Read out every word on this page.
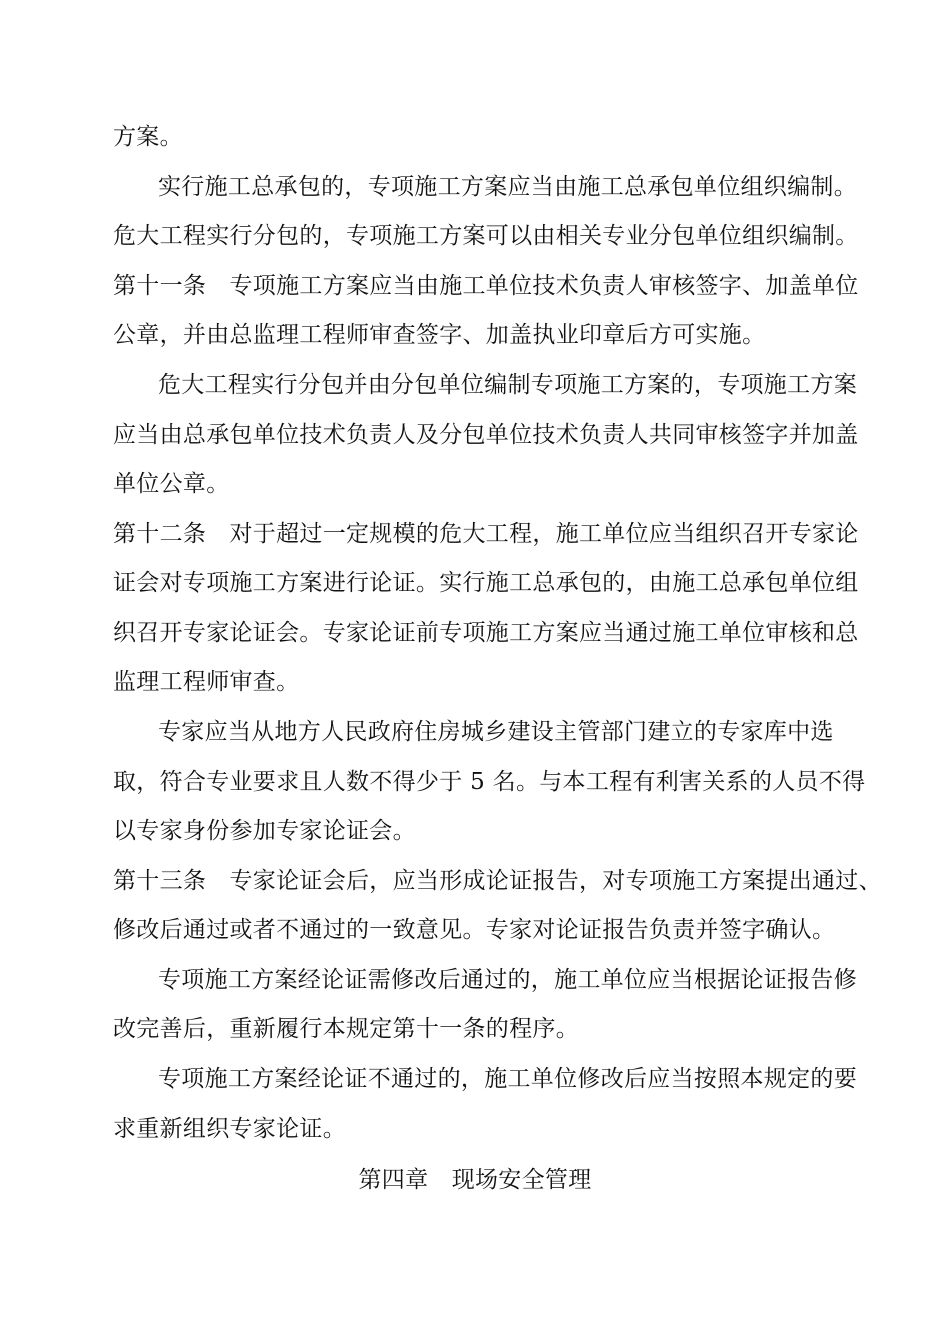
方案。
实行施工总承包的，专项施工方案应当由施工总承包单位组织编制。
危大工程实行分包的，专项施工方案可以由相关专业分包单位组织编制。
第十一条　专项施工方案应当由施工单位技术负责人审核签字、加盖单位
公章，并由总监理工程师审查签字、加盖执业印章后方可实施。
危大工程实行分包并由分包单位编制专项施工方案的，专项施工方案
应当由总承包单位技术负责人及分包单位技术负责人共同审核签字并加盖
单位公章。
第十二条　对于超过一定规模的危大工程，施工单位应当组织召开专家论
证会对专项施工方案进行论证。实行施工总承包的，由施工总承包单位组
织召开专家论证会。专家论证前专项施工方案应当通过施工单位审核和总
监理工程师审查。
专家应当从地方人民政府住房城乡建设主管部门建立的专家库中选
取，符合专业要求且人数不得少于 5 名。与本工程有利害关系的人员不得
以专家身份参加专家论证会。
第十三条　专家论证会后，应当形成论证报告，对专项施工方案提出通过、
修改后通过或者不通过的一致意见。专家对论证报告负责并签字确认。
专项施工方案经论证需修改后通过的，施工单位应当根据论证报告修
改完善后，重新履行本规定第十一条的程序。
专项施工方案经论证不通过的，施工单位修改后应当按照本规定的要
求重新组织专家论证。
第四章　现场安全管理
